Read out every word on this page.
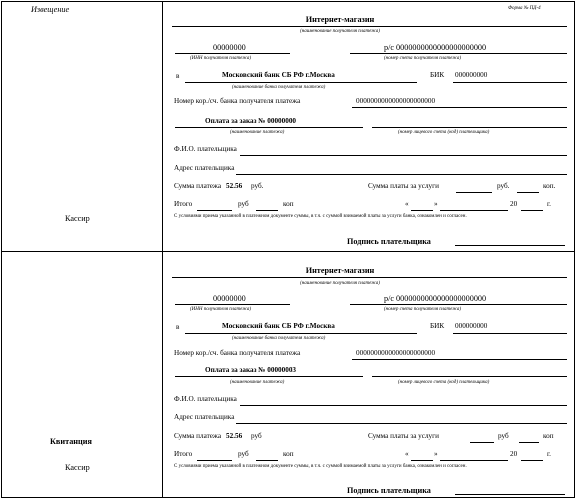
Извещение
Кассир
Квитанция
Кассир
Форма № ПД-4
Интернет-магазин
(наименование получателя платежа)
00000000
(ИНН получателя платежа)
р/с 0000000000000000000000
(номер счета получателя платежа)
в	Московский банк СБ РФ г.Москва	БИК 000000000
(наименование банка получателя платежа)
Номер кор./сч. банка получателя платежа	0000000000000000000000
Оплата за заказ № 00000000
(наименование платежа)	(номер лицевого счета (код) плательщика)
Ф.И.О. плательщика
Адрес плательщика
Сумма платежа 52.56 руб.	Сумма платы за услуги	руб.	коп.
Итого	руб	коп	«	»	20	г.
С условиями приема указанной в платежном документе суммы, в т.ч. с суммой взимаемой платы за услуги банка, ознакомлен и согласен.
Подпись плательщика
Интернет-магазин
(наименование получателя платежа)
00000000
(ИНН получателя платежа)
р/с 0000000000000000000000
(номер счета получателя платежа)
в	Московский банк СБ РФ г.Москва	БИК 000000000
(наименование банка получателя платежа)
Номер кор./сч. банка получателя платежа	0000000000000000000000
Оплата за заказ № 00000003
(наименование платежа)	(номер лицевого счета (код) плательщика)
Ф.И.О. плательщика
Адрес плательщика
Сумма платежа 52.56 руб	Сумма платы за услуги	руб	коп
Итого	руб	коп	«	»	20	г.
С условиями приема указанной в платежном документе суммы, в т.ч. с суммой взимаемой платы за услуги банка, ознакомлен и согласен.
Подпись плательщика
